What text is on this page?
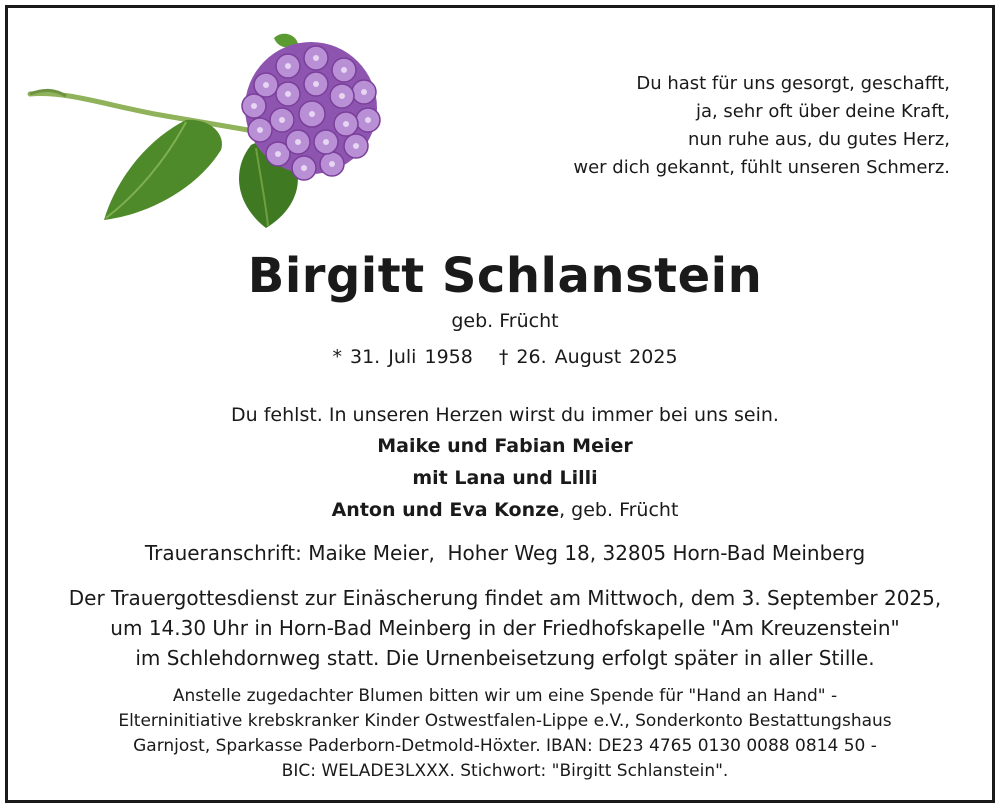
Du hast für uns gesorgt, geschafft,
ja, sehr oft über deine Kraft,
nun ruhe aus, du gutes Herz,
wer dich gekannt, fühlt unseren Schmerz.
Birgitt Schlanstein
geb. Frücht
* 31. Juli 1958 † 26. August 2025
Du fehlst. In unseren Herzen wirst du immer bei uns sein.
Maike und Fabian Meier
mit Lana und Lilli
Anton und Eva Konze, geb. Frücht
Traueranschrift: Maike Meier,  Hoher Weg 18, 32805 Horn-Bad Meinberg
Der Trauergottesdienst zur Einäscherung findet am Mittwoch, dem 3. September 2025,
um 14.30 Uhr in Horn-Bad Meinberg in der Friedhofskapelle "Am Kreuzenstein"
im Schlehdornweg statt. Die Urnenbeisetzung erfolgt später in aller Stille.
Anstelle zugedachter Blumen bitten wir um eine Spende für "Hand an Hand" -
Elterninitiative krebskranker Kinder Ostwestfalen-Lippe e.V., Sonderkonto Bestattungshaus
Garnjost, Sparkasse Paderborn-Detmold-Höxter. IBAN: DE23 4765 0130 0088 0814 50 -
BIC: WELADE3LXXX. Stichwort: "Birgitt Schlanstein".
